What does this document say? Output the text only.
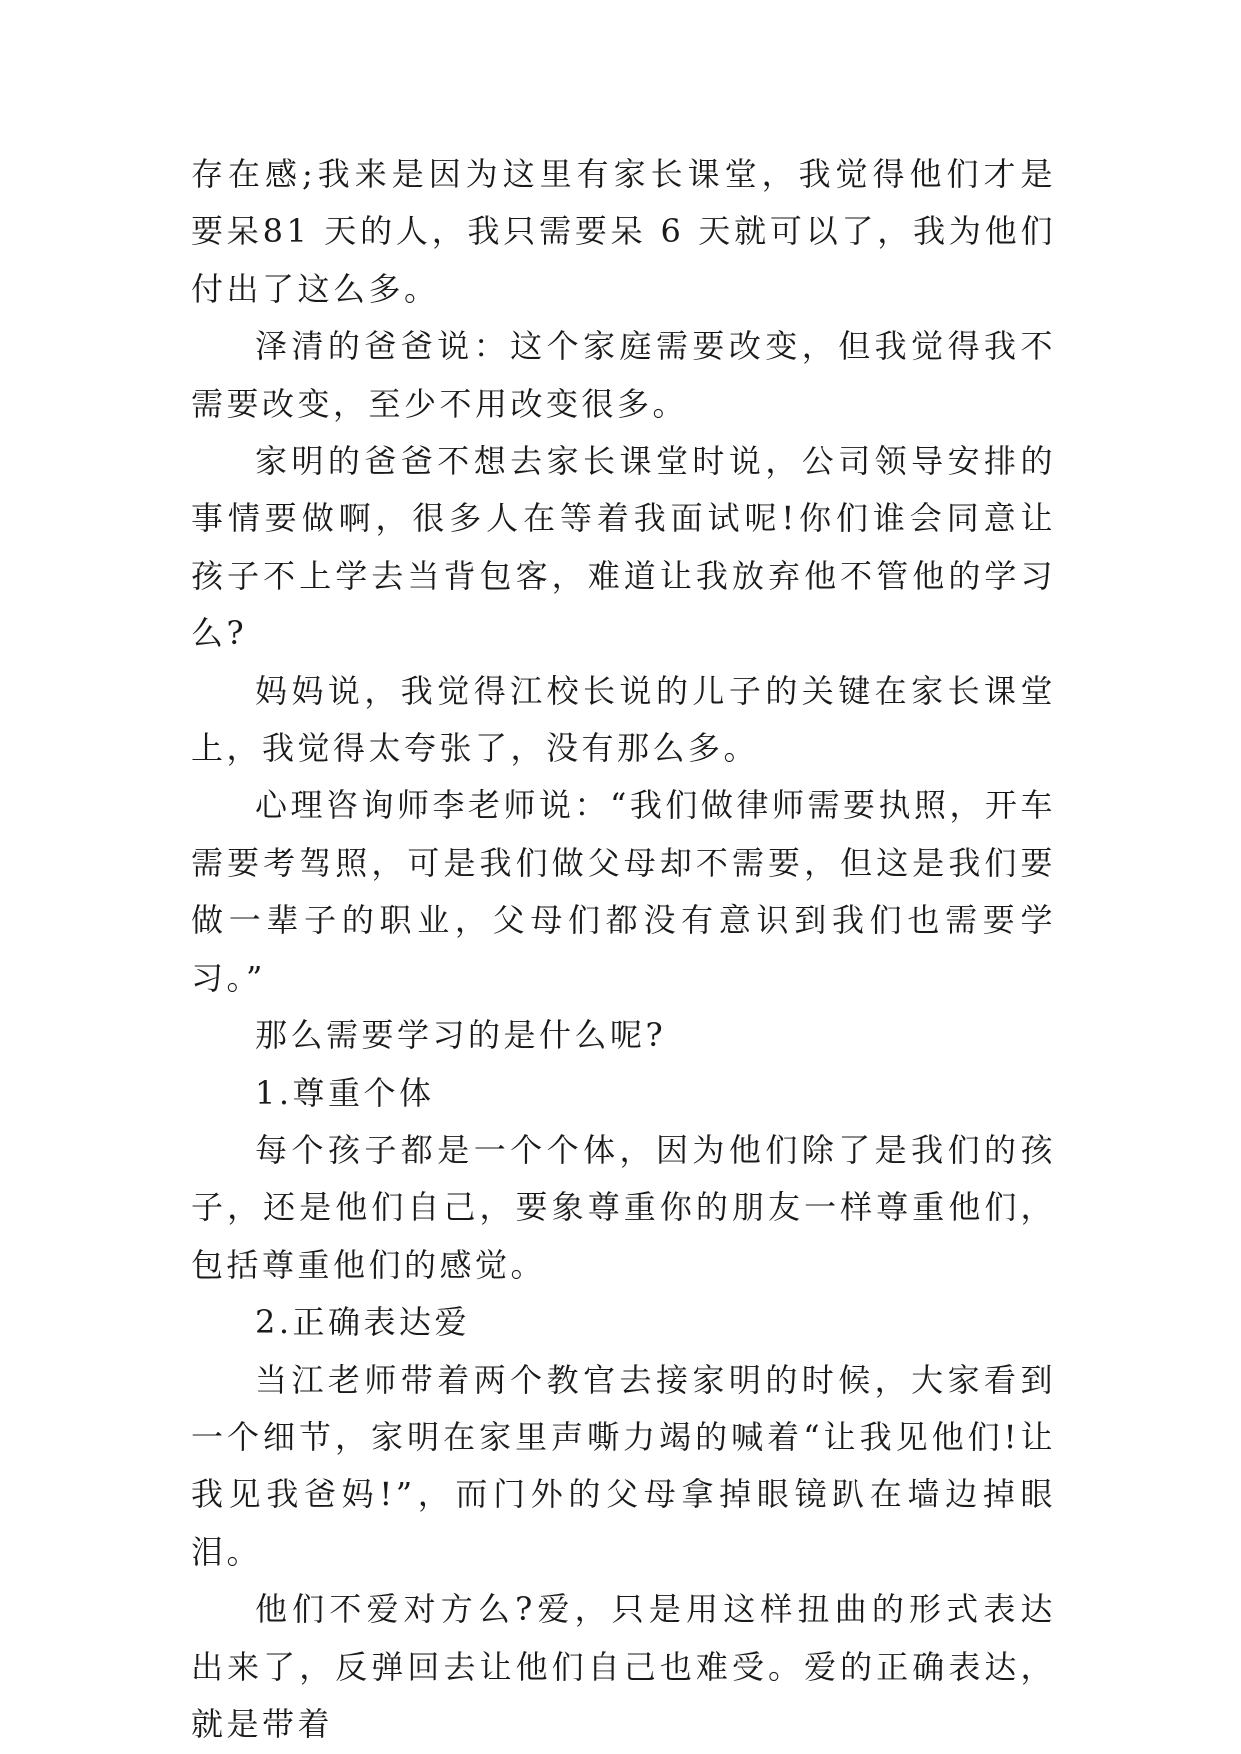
存在感;我来是因为这里有家长课堂，我觉得他们才是要呆81 天的人，我只需要呆 6 天就可以了，我为他们付出了这么多。

泽清的爸爸说：这个家庭需要改变，但我觉得我不需要改变，至少不用改变很多。

家明的爸爸不想去家长课堂时说，公司领导安排的事情要做啊，很多人在等着我面试呢!你们谁会同意让孩子不上学去当背包客，难道让我放弃他不管他的学习么?

妈妈说，我觉得江校长说的儿子的关键在家长课堂上，我觉得太夸张了，没有那么多。

心理咨询师李老师说：“我们做律师需要执照，开车需要考驾照，可是我们做父母却不需要，但这是我们要做一辈子的职业，父母们都没有意识到我们也需要学习。”

那么需要学习的是什么呢?

1.尊重个体

每个孩子都是一个个体，因为他们除了是我们的孩子，还是他们自己，要象尊重你的朋友一样尊重他们，包括尊重他们的感觉。

2.正确表达爱

当江老师带着两个教官去接家明的时候，大家看到一个细节，家明在家里声嘶力竭的喊着“让我见他们!让我见我爸妈!”，而门外的父母拿掉眼镜趴在墙边掉眼泪。

他们不爱对方么?爱，只是用这样扭曲的形式表达出来了，反弹回去让他们自己也难受。爱的正确表达，就是带着
